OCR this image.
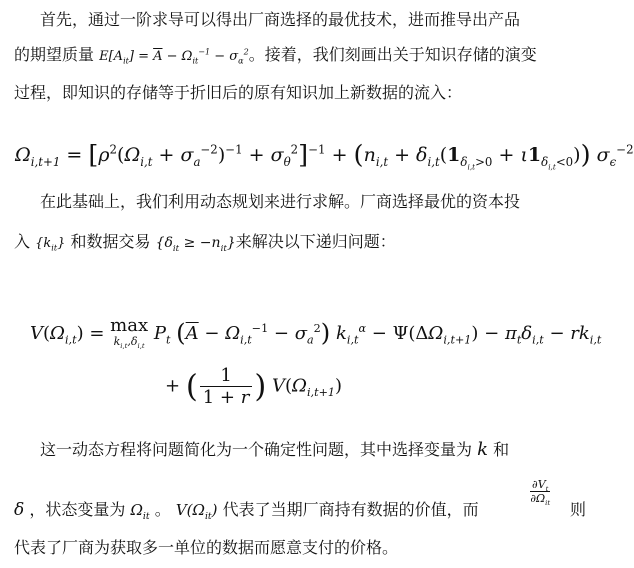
首先，通过一阶求导可以得出厂商选择的最优技术，进而推导出产品
的期望质量 $E[A_{it}] = \overline{A} - \Omega_{it}^{-1} - \sigma_\alpha^2$。接着，我们刻画出关于知识存储的演变
过程，即知识的存储等于折旧后的原有知识加上新数据的流入：
$\Omega_{i,t+1} = [\rho^2(\Omega_{i,t} + \sigma_a^{-2})^{-1} + \sigma_\theta^2]^{-1} + (n_{i,t} + \delta_{i,t}(1_{\delta_{i,t}>0} + \iota 1_{\delta_{i,t}<0}))$ $\sigma_\epsilon^{-2}$
在此基础上，我们利用动态规划来进行求解。厂商选择最优的资本投
入 $\{k_{it}\}$ 和数据交易 $\{\delta_{it} \ge -n_{it}\}$来解决以下递归问题：
$V(\Omega_{i,t}) = \max$
$k_{i,t},\delta_{i,t}$
$P_t$ $(\overline{A} - \Omega_{i,t}^{-1} - \sigma_a^2) k_{i,t}^\alpha - \Psi(\Delta\Omega_{i,t+1}) - \pi_t\delta_{i,t} - rk_{i,t}$
+ ( $\frac{1}{1 + r}$ ) $V(\Omega_{i,t+1})$
这一动态方程将问题简化为一个确定性问题，其中选择变量为 k 和
δ ，状态变量为 $\Omega_{it}$ 。 $V(\Omega_{it})$ 代表了当期厂商持有数据的价值，而
$\partial V_t$
$\partial\Omega_{it}$ 则
代表了厂商为获取多一单位的数据而愿意支付的价格。
